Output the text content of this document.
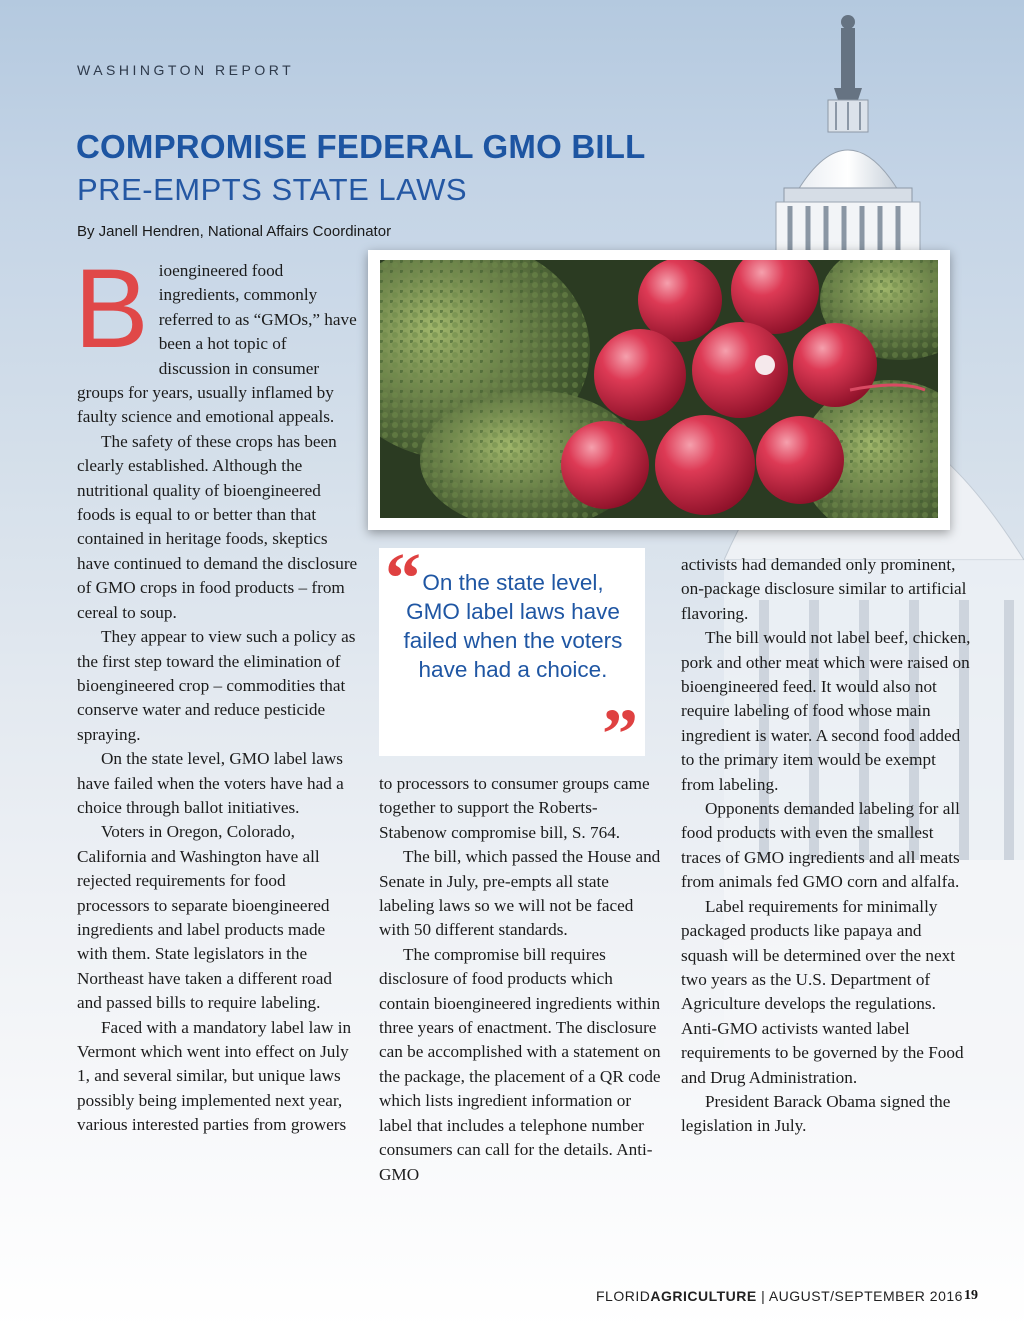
WASHINGTON REPORT
COMPROMISE FEDERAL GMO BILL
PRE-EMPTS STATE LAWS
By Janell Hendren, National Affairs Coordinator
“ On the state level, GMO label laws have failed when the voters have had a choice.
”

Bioengineered food ingredients, commonly referred to as “GMOs,” have been a hot topic of discussion in consumer groups for years, usually inflamed by faulty science and emotional appeals.

The safety of these crops has been clearly established. Although the nutritional quality of bioengineered foods is equal to or better than that contained in heritage foods, skeptics have continued to demand the disclosure of GMO crops in food products – from cereal to soup.

They appear to view such a policy as the first step toward the elimination of bioengineered crop – commodities that conserve water and reduce pesticide spraying.

On the state level, GMO label laws have failed when the voters have had a choice through ballot initiatives.

Voters in Oregon, Colorado, California and Washington have all rejected requirements for food processors to separate bioengineered ingredients and label products made with them. State legislators in the Northeast have taken a different road and passed bills to require labeling.

Faced with a mandatory label law in Vermont which went into effect on July 1, and several similar, but unique laws possibly being implemented next year, various interested parties from growers

to processors to consumer groups came together to support the Roberts-Stabenow compromise bill, S. 764.

The bill, which passed the House and Senate in July, pre-empts all state labeling laws so we will not be faced with 50 different standards.

The compromise bill requires disclosure of food products which contain bioengineered ingredients within three years of enactment. The disclosure can be accomplished with a statement on the package, the placement of a QR code which lists ingredient information or label that includes a telephone number consumers can call for the details. Anti-GMO

activists had demanded only prominent, on-package disclosure similar to artificial flavoring.

The bill would not label beef, chicken, pork and other meat which were raised on bioengineered feed. It would also not require labeling of food whose main ingredient is water. A second food added to the primary item would be exempt from labeling.

Opponents demanded labeling for all food products with even the smallest traces of GMO ingredients and all meats from animals fed GMO corn and alfalfa.

Label requirements for minimally packaged products like papaya and squash will be determined over the next two years as the U.S. Department of Agriculture develops the regulations. Anti-GMO activists wanted label requirements to be governed by the Food and Drug Administration.

President Barack Obama signed the legislation in July.

FLORIDAGRICULTURE | AUGUST/SEPTEMBER 2016 19
